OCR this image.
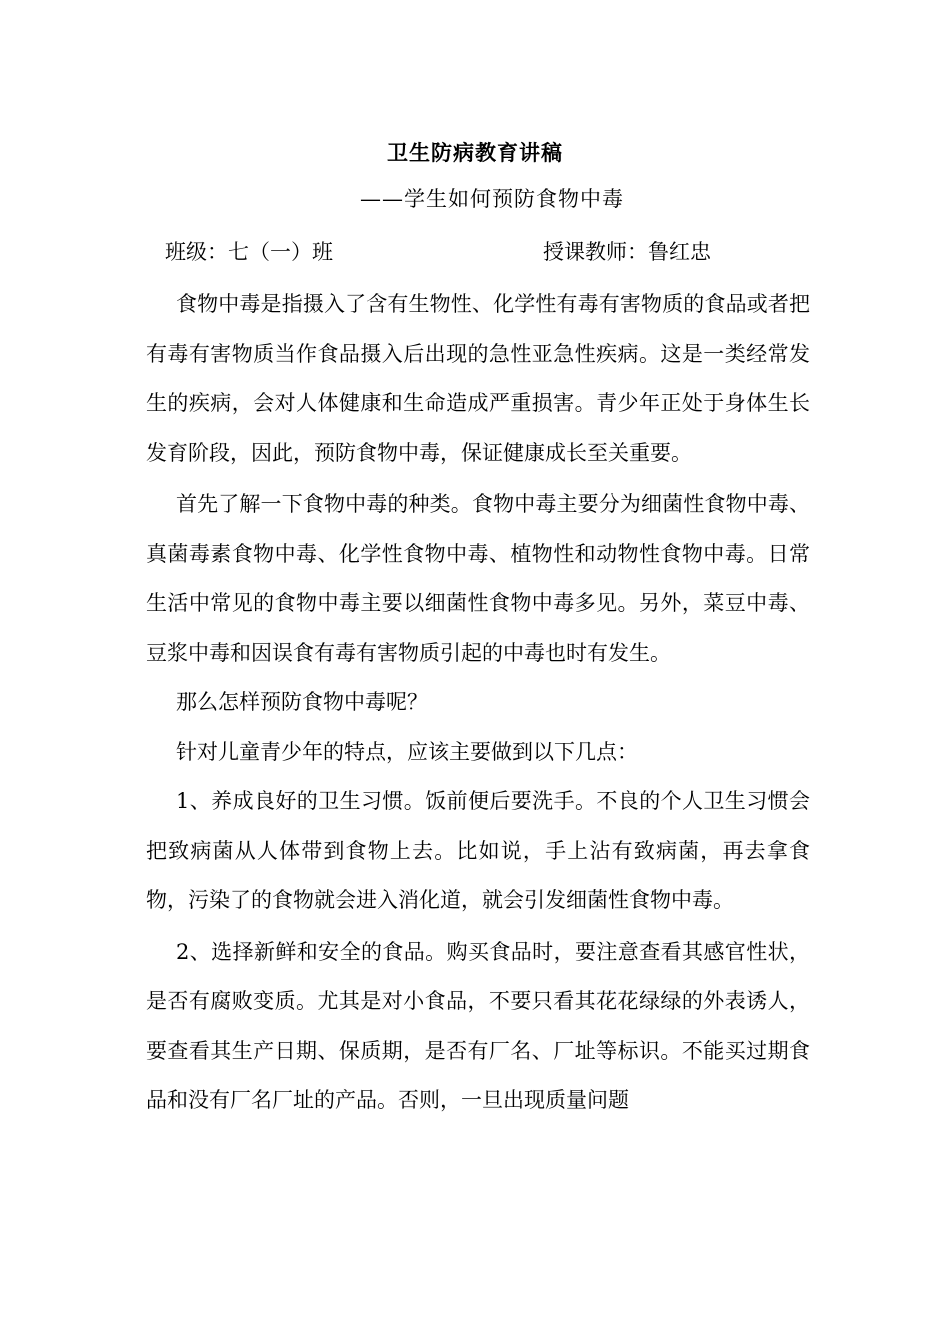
卫生防病教育讲稿
——学生如何预防食物中毒
班级：七（一）班	授课教师：鲁红忠

食物中毒是指摄入了含有生物性、化学性有毒有害物质的食品或者把有毒有害物质当作食品摄入后出现的急性亚急性疾病。这是一类经常发生的疾病，会对人体健康和生命造成严重损害。青少年正处于身体生长发育阶段，因此，预防食物中毒，保证健康成长至关重要。

首先了解一下食物中毒的种类。食物中毒主要分为细菌性食物中毒、真菌毒素食物中毒、化学性食物中毒、植物性和动物性食物中毒。日常生活中常见的食物中毒主要以细菌性食物中毒多见。另外，菜豆中毒、豆浆中毒和因误食有毒有害物质引起的中毒也时有发生。

那么怎样预防食物中毒呢？

针对儿童青少年的特点，应该主要做到以下几点：

1、养成良好的卫生习惯。饭前便后要洗手。不良的个人卫生习惯会把致病菌从人体带到食物上去。比如说，手上沾有致病菌，再去拿食物，污染了的食物就会进入消化道，就会引发细菌性食物中毒。

2、选择新鲜和安全的食品。购买食品时，要注意查看其感官性状，是否有腐败变质。尤其是对小食品，不要只看其花花绿绿的外表诱人，要查看其生产日期、保质期，是否有厂名、厂址等标识。不能买过期食品和没有厂名厂址的产品。否则，一旦出现质量问题
